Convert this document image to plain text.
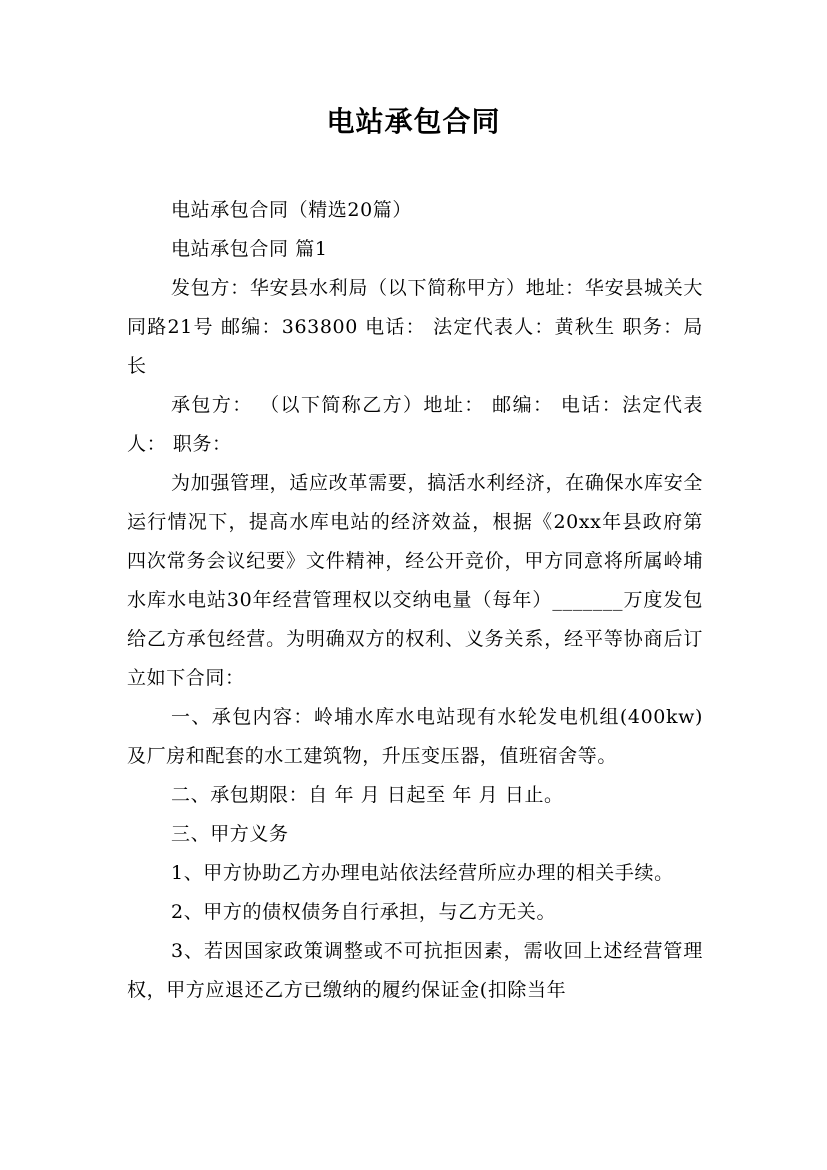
电站承包合同

电站承包合同（精选20篇）

电站承包合同 篇1

发包方：华安县水利局（以下简称甲方）地址：华安县城关大同路21号 邮编：363800 电话： 法定代表人：黄秋生 职务：局长

承包方： （以下简称乙方）地址： 邮编： 电话：法定代表人： 职务：

为加强管理，适应改革需要，搞活水利经济，在确保水库安全运行情况下，提高水库电站的经济效益，根据《20xx年县政府第四次常务会议纪要》文件精神，经公开竞价，甲方同意将所属岭埔水库水电站30年经营管理权以交纳电量（每年）_______万度发包给乙方承包经营。为明确双方的权利、义务关系，经平等协商后订立如下合同：

一、承包内容：岭埔水库水电站现有水轮发电机组(400kw)及厂房和配套的水工建筑物，升压变压器，值班宿舍等。

二、承包期限：自 年 月 日起至 年 月 日止。

三、甲方义务

1、甲方协助乙方办理电站依法经营所应办理的相关手续。

2、甲方的债权债务自行承担，与乙方无关。

3、若因国家政策调整或不可抗拒因素，需收回上述经营管理权，甲方应退还乙方已缴纳的履约保证金(扣除当年
